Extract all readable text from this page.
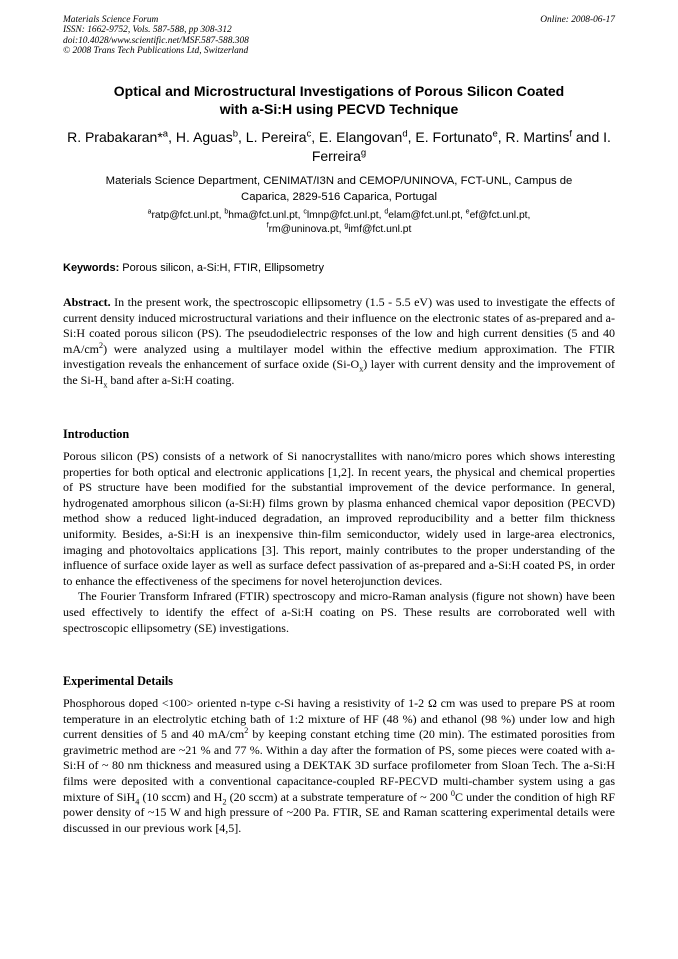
Materials Science Forum
ISSN: 1662-9752, Vols. 587-588, pp 308-312
doi:10.4028/www.scientific.net/MSF.587-588.308
© 2008 Trans Tech Publications Ltd, Switzerland
Online: 2008-06-17
Optical and Microstructural Investigations of Porous Silicon Coated
with a-Si:H using PECVD Technique
R. Prabakaran*$^a$, H. Aguas$^b$, L. Pereira$^c$, E. Elangovan$^d$, E. Fortunato$^e$, R. Martins$^f$ and I. Ferreira$^g$
Materials Science Department, CENIMAT/I3N and CEMOP/UNINOVA, FCT-UNL, Campus de
Caparica, 2829-516 Caparica, Portugal
$^a$ratp@fct.unl.pt, $^b$hma@fct.unl.pt, $^c$lmnp@fct.unl.pt, $^d$elam@fct.unl.pt, $^e$ef@fct.unl.pt,
$^f$rm@uninova.pt, $^g$imf@fct.unl.pt
Keywords: Porous silicon, a-Si:H, FTIR, Ellipsometry

Abstract. In the present work, the spectroscopic ellipsometry (1.5 - 5.5 eV) was used to investigate the effects of current density induced microstructural variations and their influence on the electronic states of as-prepared and a-Si:H coated porous silicon (PS). The pseudodielectric responses of the low and high current densities (5 and 40 $mA/cm^2$) were analyzed using a multilayer model within the effective medium approximation. The FTIR investigation reveals the enhancement of surface oxide $(Si-O_x)$ layer with current density and the improvement of the $Si-H_x$ band after a-Si:H coating.

Introduction

Porous silicon (PS) consists of a network of Si nanocrystallites with nano/micro pores which shows interesting properties for both optical and electronic applications [1,2]. In recent years, the physical and chemical properties of PS structure have been modified for the substantial improvement of the device performance. In general, hydrogenated amorphous silicon (a-Si:H) films grown by plasma enhanced chemical vapor deposition (PECVD) method show a reduced light-induced degradation, an improved reproducibility and a better film thickness uniformity. Besides, a-Si:H is an inexpensive thin-film semiconductor, widely used in large-area electronics, imaging and photovoltaics applications [3]. This report, mainly contributes to the proper understanding of the influence of surface oxide layer as well as surface defect passivation of as-prepared and a-Si:H coated PS, in order to enhance the effectiveness of the specimens for novel heterojunction devices.

The Fourier Transform Infrared (FTIR) spectroscopy and micro-Raman analysis (figure not shown) have been used effectively to identify the effect of a-Si:H coating on PS. These results are corroborated well with spectroscopic ellipsometry (SE) investigations.

Experimental Details

Phosphorous doped <100> oriented n-type c-Si having a resistivity of 1-2 Ω cm was used to prepare PS at room temperature in an electrolytic etching bath of 1:2 mixture of HF (48 %) and ethanol (98 %) under low and high current densities of 5 and 40 $mA/cm^2$ by keeping constant etching time (20 min). The estimated porosities from gravimetric method are ~21 % and 77 %. Within a day after the formation of PS, some pieces were coated with a-Si:H of ~ 80 nm thickness and measured using a DEKTAK 3D surface profilometer from Sloan Tech. The a-Si:H films were deposited with a conventional capacitance-coupled RF-PECVD multi-chamber system using a gas mixture of SiH$_4$ (10 sccm) and $H_2$ (20 sccm) at a substrate temperature of ~ 200 $^0$C under the condition of high RF power density of ~15 W and high pressure of ~200 Pa. FTIR, SE and Raman scattering experimental details were discussed in our previous work [4,5].
